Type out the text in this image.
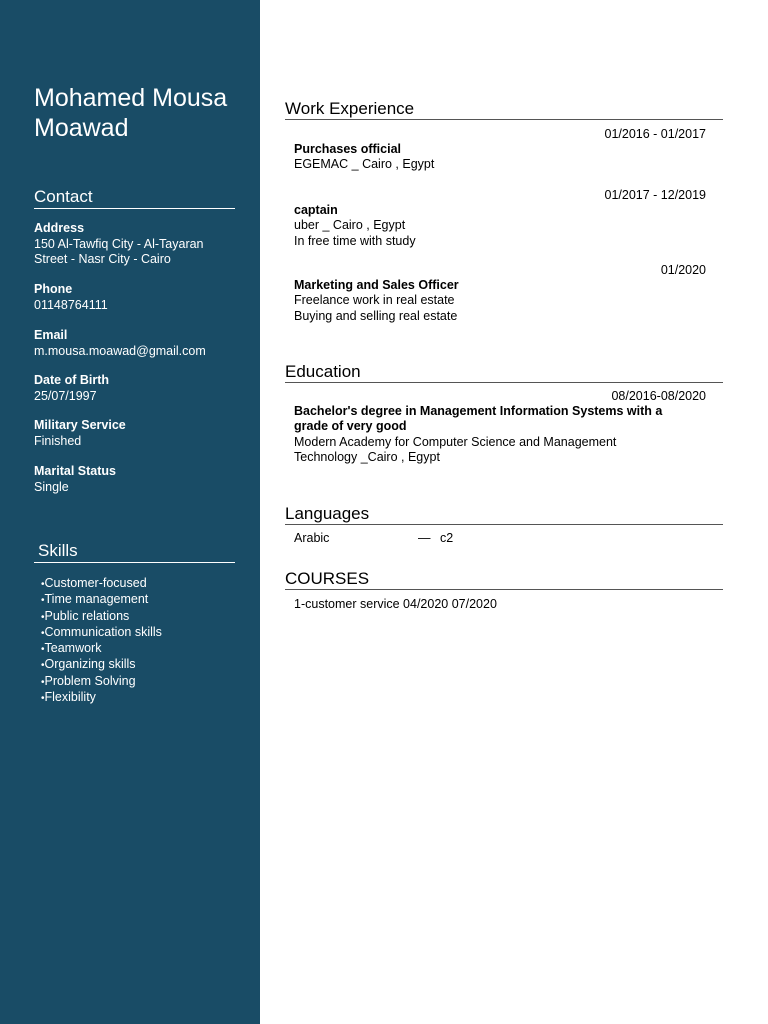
Mohamed Mousa
Moawad
Contact
Address
150 Al-Tawfiq City - Al-Tayaran
Street - Nasr City - Cairo
Phone
01148764111
Email
m.mousa.moawad@gmail.com
Date of Birth
25/07/1997
Military Service
Finished
Marital Status
Single
Skills
• Customer-focused
• Time management
• Public relations
• Communication skills
• Teamwork
• Organizing skills
• Problem Solving
• Flexibility
Work Experience
01/2016 - 01/2017
Purchases official
EGEMAC _ Cairo , Egypt
01/2017 - 12/2019
captain
uber _ Cairo , Egypt
In free time with study
01/2020
Marketing and Sales Officer
Freelance work in real estate
Buying and selling real estate
Education
08/2016-08/2020
Bachelor's degree in Management Information Systems with a
grade of very good
Modern Academy for Computer Science and Management
Technology _Cairo , Egypt
Languages
Arabic	— c2
COURSES
1-customer service 04/2020 07/2020
